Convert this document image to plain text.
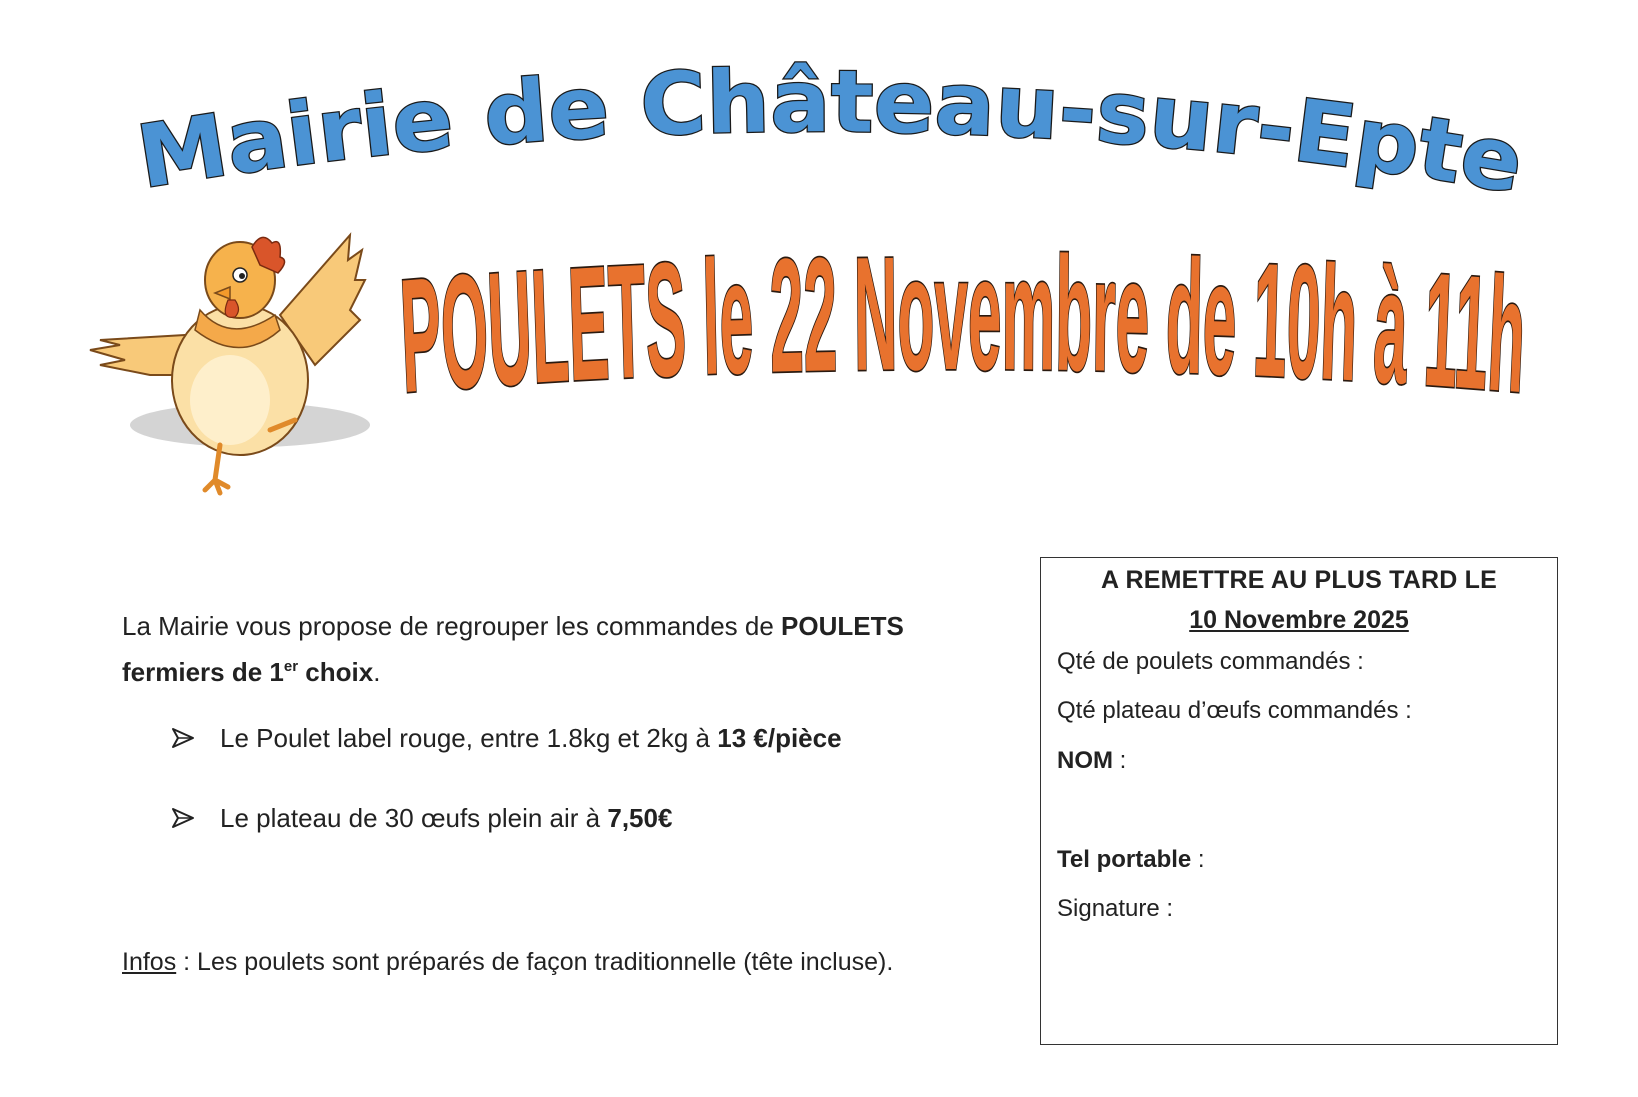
Mairie de Château-sur-Epte
POULETS le 22 Novembre de 10h à 11h
La Mairie vous propose de regrouper les commandes de POULETS
fermiers de 1er choix.
Le Poulet label rouge, entre 1.8kg et 2kg à
13 €/pièce
Le plateau de 30 œufs plein air à
7,50€
Infos : Les poulets sont préparés de façon traditionnelle (tête incluse).
A REMETTRE AU PLUS TARD LE
10 Novembre 2025
Qté de poulets commandés :
Qté plateau d’œufs commandés :
NOM :
Tel portable :
Signature :
